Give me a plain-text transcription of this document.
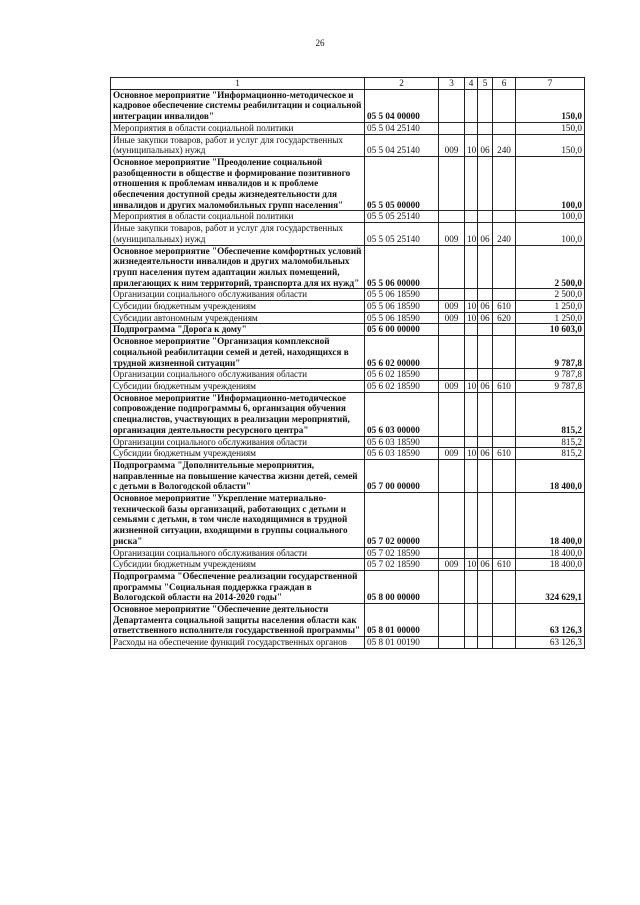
26
1	2	3	4	5	6	7
Основное мероприятие "Информационно-методическое и кадровое обеспечение системы реабилитации и социальной интеграции инвалидов"	05 5 04 00000					150,0
Мероприятия в области социальной политики	05 5 04 25140					150,0
Иные закупки товаров, работ и услуг для государственных (муниципальных) нужд	05 5 04 25140	009	10	06	240	150,0
Основное мероприятие "Преодоление социальной разобщенности в обществе и формирование позитивного отношения к проблемам инвалидов и к проблеме обеспечения доступной среды жизнедеятельности для инвалидов и других маломобильных групп населения"	05 5 05 00000					100,0
Мероприятия в области социальной политики	05 5 05 25140					100,0
Иные закупки товаров, работ и услуг для государственных (муниципальных) нужд	05 5 05 25140	009	10	06	240	100,0
Основное мероприятие "Обеспечение комфортных условий жизнедеятельности инвалидов и других маломобильных групп населения путем адаптации жилых помещений, прилегающих к ним территорий, транспорта для их нужд"	05 5 06 00000					2 500,0
Организации социального обслуживания области	05 5 06 18590					2 500,0
Субсидии бюджетным учреждениям	05 5 06 18590	009	10	06	610	1 250,0
Субсидии автономным учреждениям	05 5 06 18590	009	10	06	620	1 250,0
Подпрограмма "Дорога к дому"	05 6 00 00000					10 603,0
Основное мероприятие "Организация комплексной социальной реабилитации семей и детей, находящихся в трудной жизненной ситуации"	05 6 02 00000					9 787,8
Организации социального обслуживания области	05 6 02 18590					9 787,8
Субсидии бюджетным учреждениям	05 6 02 18590	009	10	06	610	9 787,8
Основное мероприятие "Информационно-методическое сопровождение подпрограммы 6, организация обучения специалистов, участвующих в реализации мероприятий, организация деятельности ресурсного центра"	05 6 03 00000					815,2
Организации социального обслуживания области	05 6 03 18590					815,2
Субсидии бюджетным учреждениям	05 6 03 18590	009	10	06	610	815,2
Подпрограмма "Дополнительные мероприятия, направленные на повышение качества жизни детей, семей с детьми в Вологодской области"	05 7 00 00000					18 400,0
Основное мероприятие "Укрепление материально-технической базы организаций, работающих с детьми и семьями с детьми, в том числе находящимися в трудной жизненной ситуации, входящими в группы социального риска"	05 7 02 00000					18 400,0
Организации социального обслуживания области	05 7 02 18590					18 400,0
Субсидии бюджетным учреждениям	05 7 02 18590	009	10	06	610	18 400,0
Подпрограмма "Обеспечение реализации государственной программы "Социальная поддержка граждан в Вологодской области на 2014-2020 годы"	05 8 00 00000					324 629,1
Основное мероприятие "Обеспечение деятельности Департамента социальной защиты населения области как ответственного исполнителя государственной программы"	05 8 01 00000					63 126,3
Расходы на обеспечение функций государственных органов	05 8 01 00190					63 126,3
